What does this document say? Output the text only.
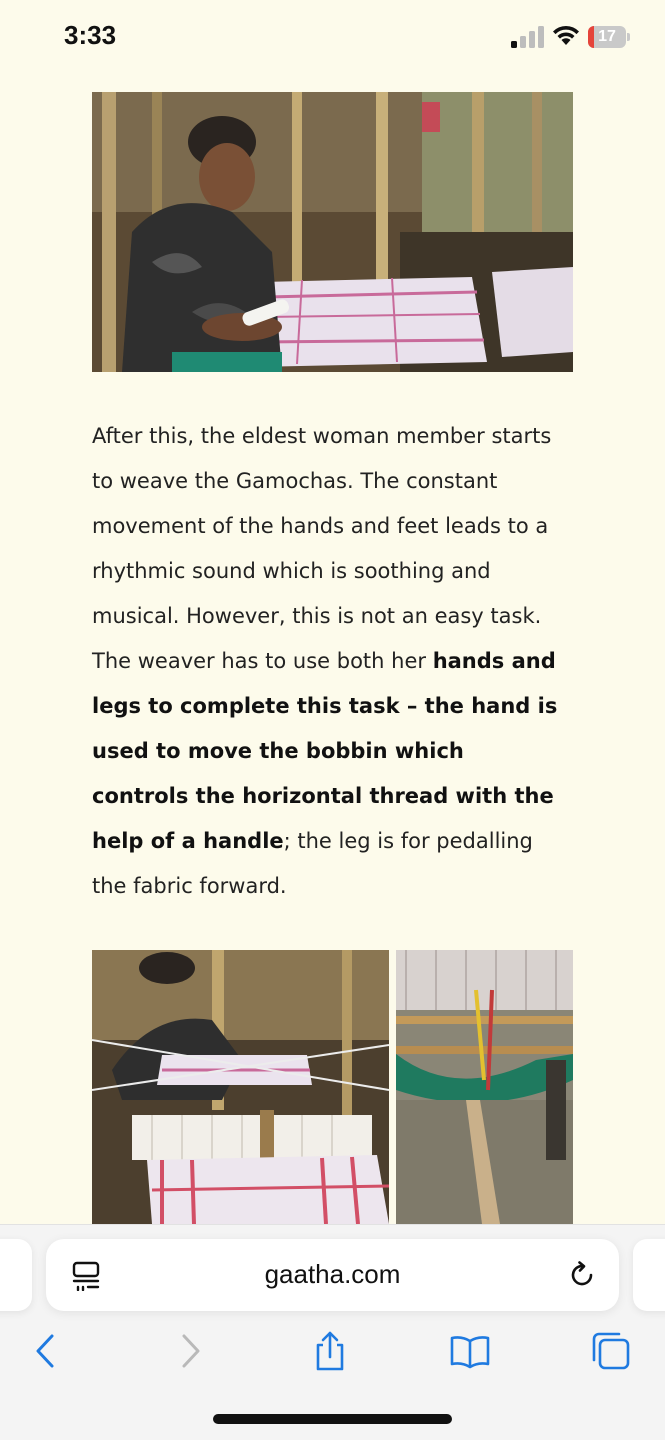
3:33	17

After this, the eldest woman member starts to weave the Gamochas. The constant movement of the hands and feet leads to a rhythmic sound which is soothing and musical. However, this is not an easy task. The weaver has to use both her hands and legs to complete this task – the hand is used to move the bobbin which controls the horizontal thread with the help of a handle; the leg is for pedalling the fabric forward.

gaatha.com
